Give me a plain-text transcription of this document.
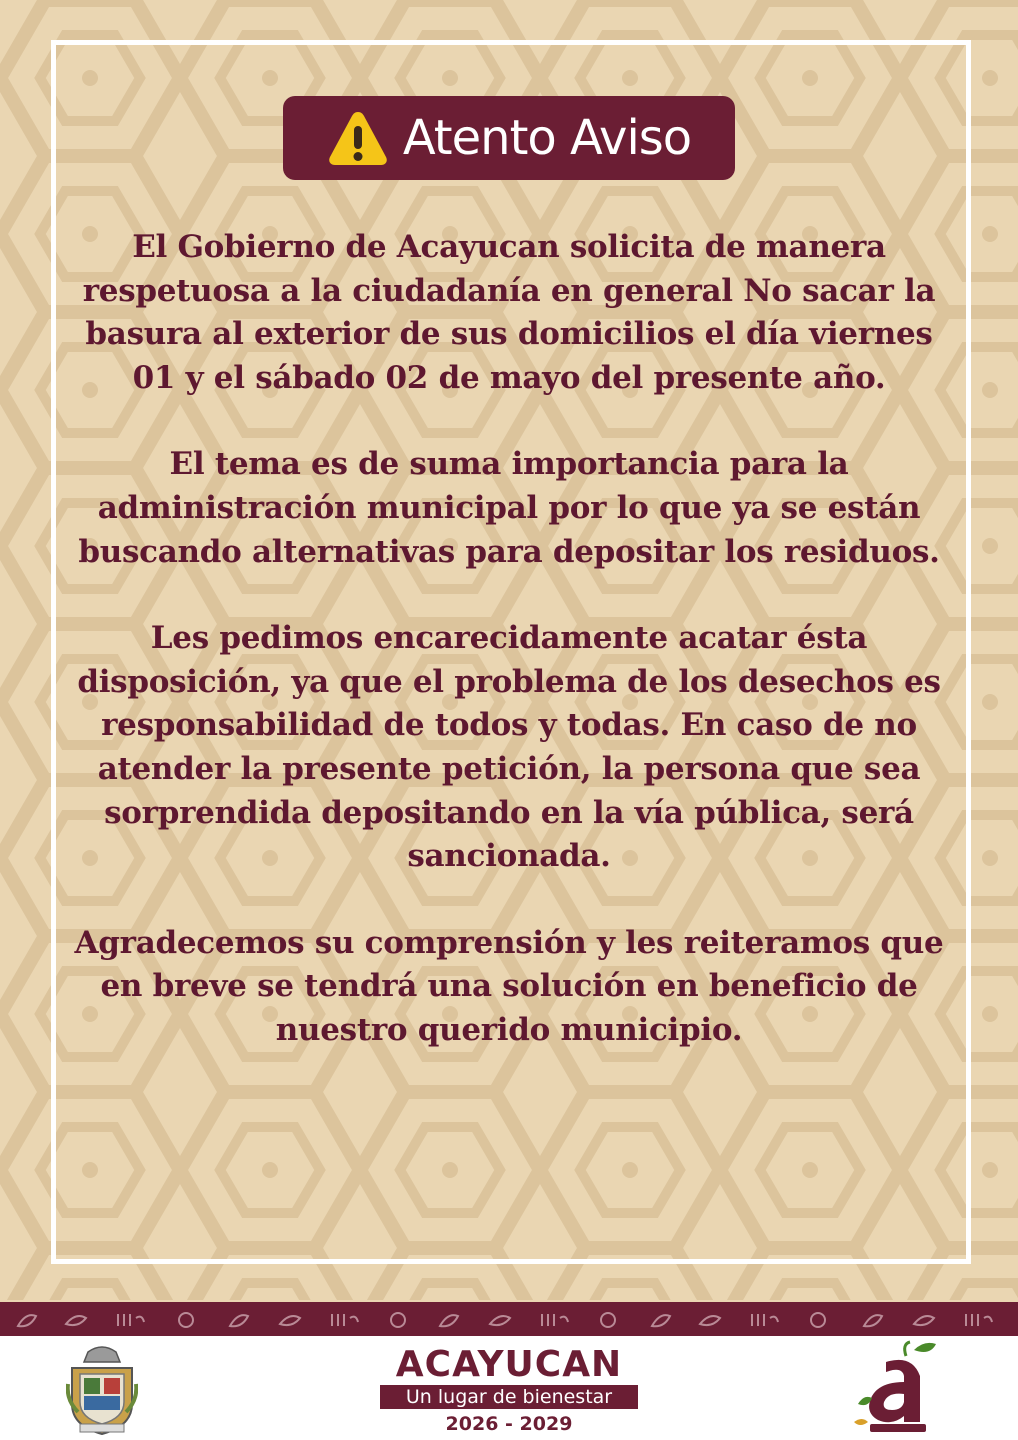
Atento Aviso

El Gobierno de Acayucan solicita de manera respetuosa a la ciudadanía en general No sacar la basura al exterior de sus domicilios el día viernes 01 y el sábado 02 de mayo del presente año.

El tema es de suma importancia para la administración municipal por lo que ya se están buscando alternativas para depositar los residuos.

Les pedimos encarecidamente acatar ésta disposición, ya que el problema de los desechos es responsabilidad de todos y todas. En caso de no atender la presente petición, la persona que sea sorprendida depositando en la vía pública, será sancionada.

Agradecemos su comprensión y les reiteramos que en breve se tendrá una solución en beneficio de nuestro querido municipio.

ACAYUCAN
Un lugar de bienestar
2026 - 2029
